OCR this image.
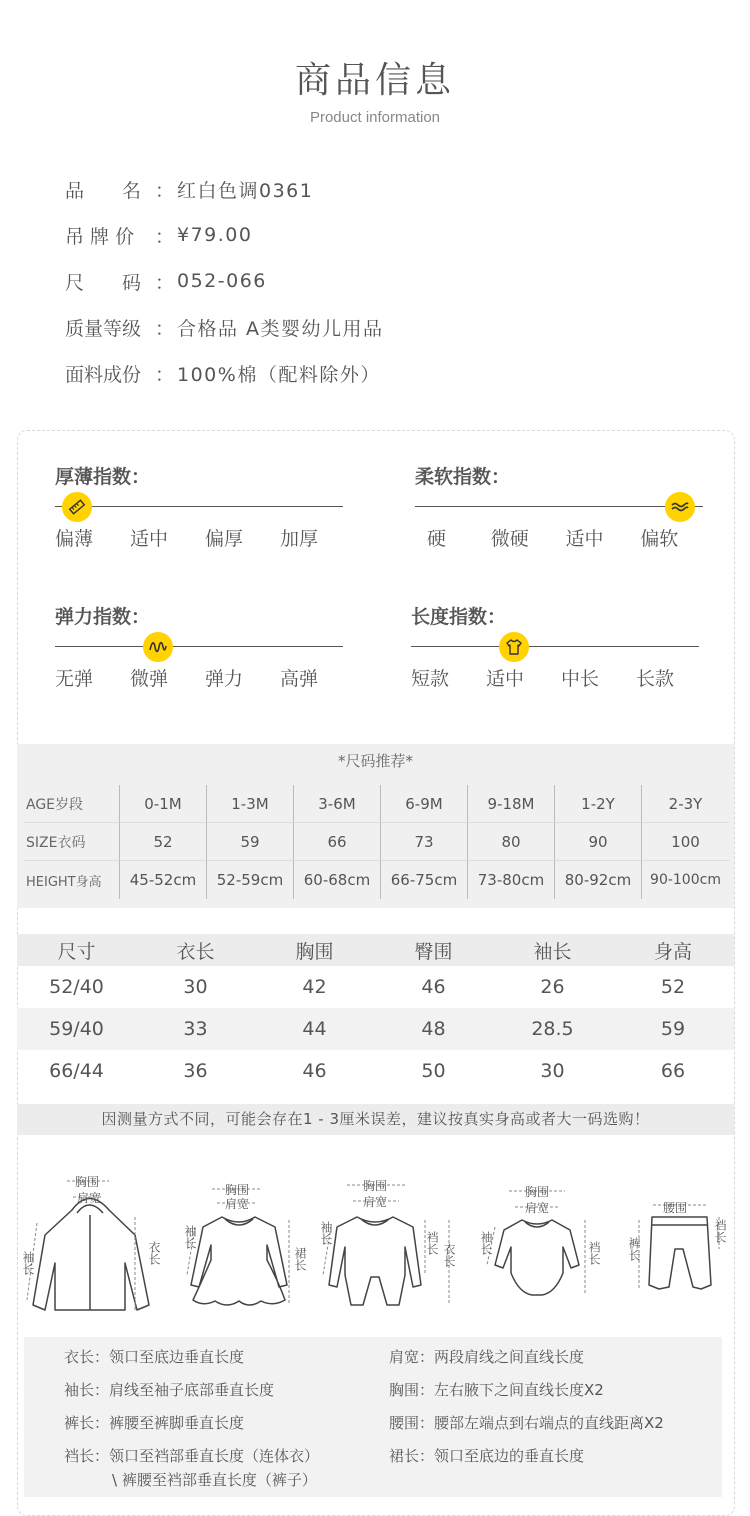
商品信息
Product information
品　　名 ： 红白色调0361
吊 牌 价	： ¥79.00
尺　　码 ： 052-066
质量等级 ： 合格品 A类婴幼儿用品
面料成份 ： 100%棉（配料除外）
厚薄指数：
偏薄	适中	偏厚	加厚
柔软指数：
硬	微硬	适中	偏软
弹力指数：
无弹	微弹	弹力	高弹
长度指数：
短款	适中	中长	长款
*尺码推荐*
AGE岁段	0-1M	1-3M	3-6M	6-9M	9-18M	1-2Y	2-3Y
SIZE衣码	52	59	66	73	80	90	100
HEIGHT身高	45-52cm	52-59cm	60-68cm	66-75cm	73-80cm	80-92cm	90-100cm
尺寸	衣长	胸围	臀围	袖长	身高
52/40	30	42	46	26	52
59/40	33	44	48	28.5	59
66/44	36	46	50	30	66
因测量方式不同，可能会存在1 - 3厘米误差，建议按真实身高或者大一码选购！
胸围
肩宽
袖长	衣长
胸围
肩宽
袖长
裙长
胸围
肩宽
袖长	裆长 衣长
胸围
肩宽
袖长	裆长
腰围
裤长
裆长
衣长：领口至底边垂直长度
袖长：肩线至袖子底部垂直长度
裤长：裤腰至裤脚垂直长度
裆长：领口至裆部垂直长度（连体衣）
\ 裤腰至裆部垂直长度（裤子）
肩宽：两段肩线之间直线长度
胸围：左右腋下之间直线长度X2
腰围：腰部左端点到右端点的直线距离X2
裙长：领口至底边的垂直长度
